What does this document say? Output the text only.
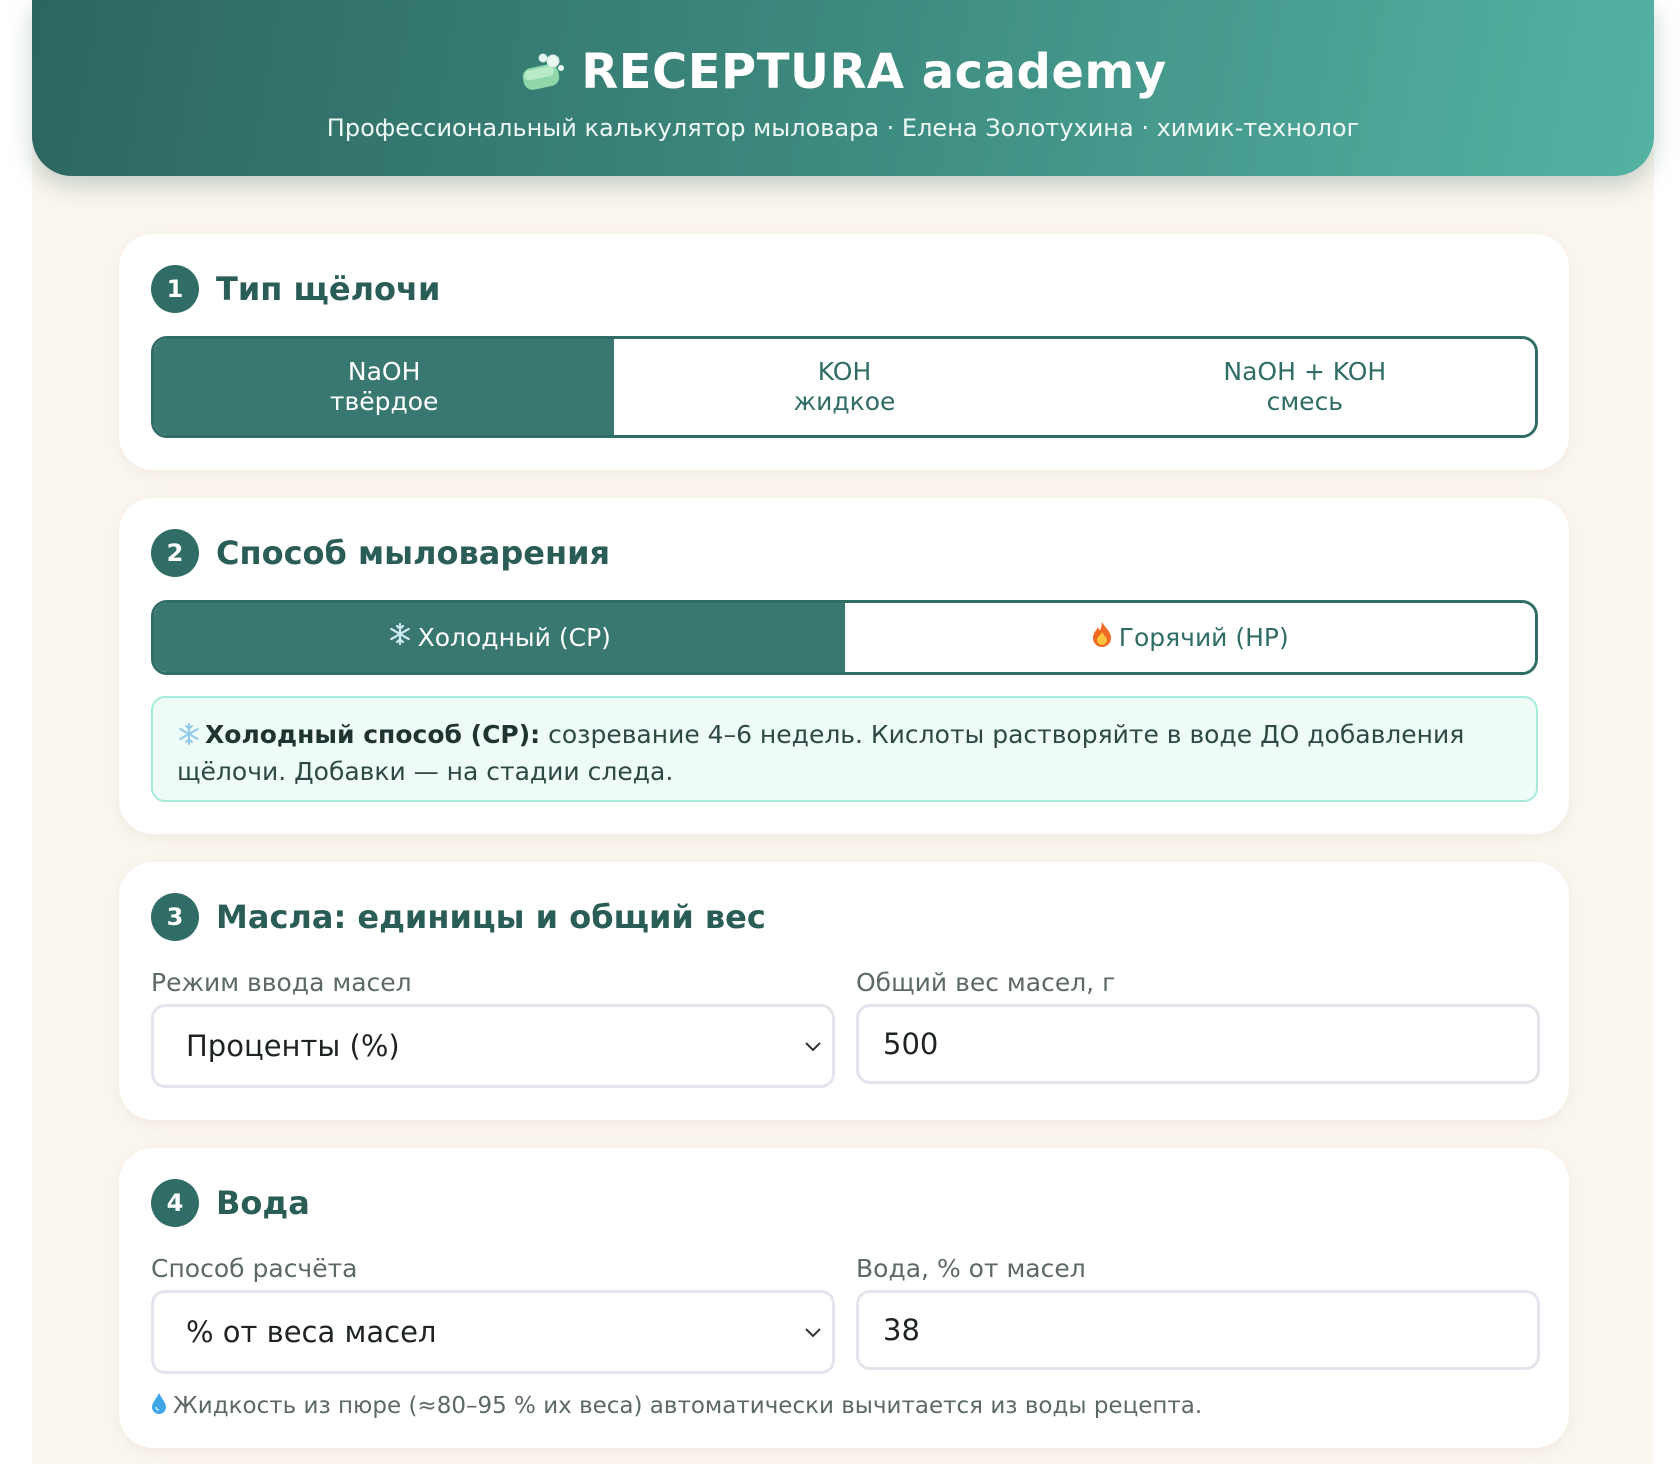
RECEPTURA academy
Профессиональный калькулятор мыловара · Елена Золотухина · химик-технолог
1	Тип щёлочи
NaOH
твёрдое
KOH
жидкое
NaOH + KOH
смесь
2	Способ мыловарения
Холодный (CP)	Горячий (HP)
Холодный способ (CP): созревание 4–6 недель. Кислоты растворяйте в воде ДО добавления щёлочи. Добавки — на стадии следа.
3	Масла: единицы и общий вес
Режим ввода масел
Проценты (%)
Общий вес масел, г
500
4	Вода
Способ расчёта
% от веса масел
Вода, % от масел
38
Жидкость из пюре (≈80–95 % их веса) автоматически вычитается из воды рецепта.
